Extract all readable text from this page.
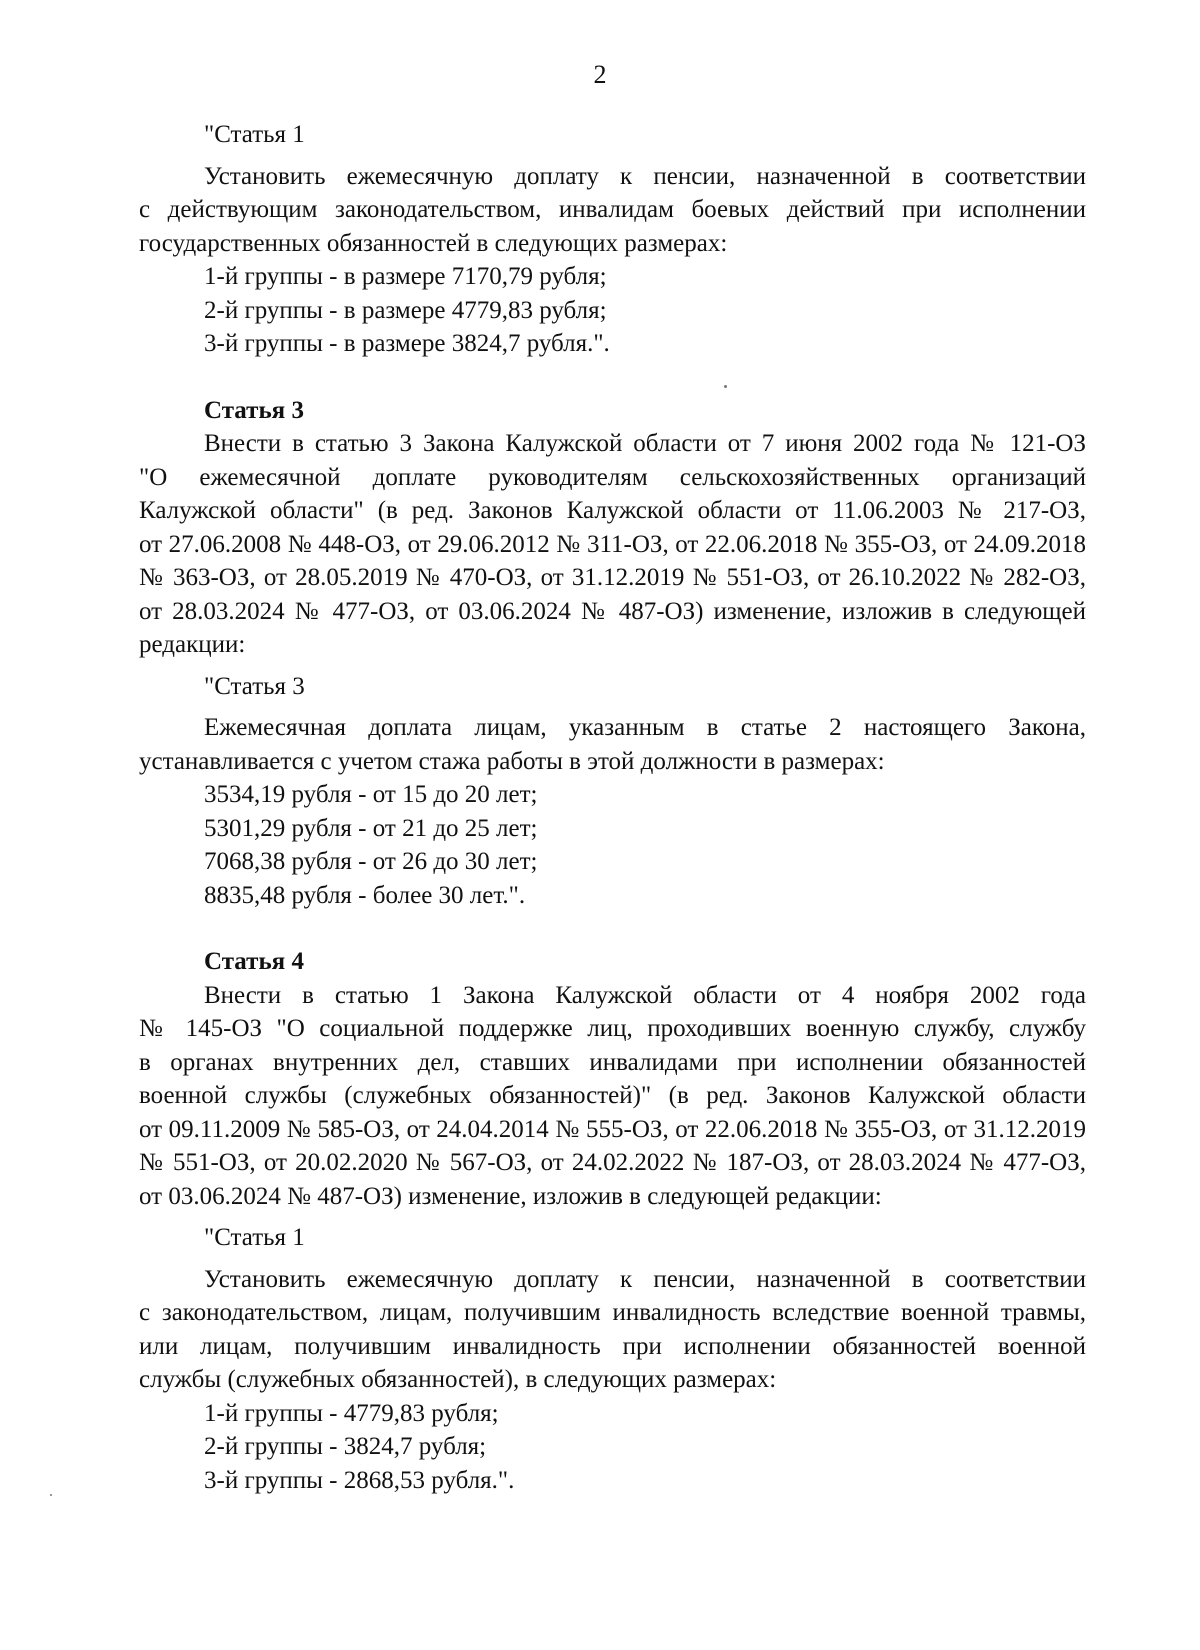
2
"Статья 1
Установить ежемесячную доплату к пенсии, назначенной в соответствии
с действующим законодательством, инвалидам боевых действий при исполнении
государственных обязанностей в следующих размерах:
1-й группы - в размере 7170,79 рубля;
2-й группы - в размере 4779,83 рубля;
3-й группы - в размере 3824,7 рубля.".
Статья 3
Внести в статью 3 Закона Калужской области от 7 июня 2002 года № 121-ОЗ
"О ежемесячной доплате руководителям сельскохозяйственных организаций
Калужской области" (в ред. Законов Калужской области от 11.06.2003 № 217-ОЗ,
от 27.06.2008 № 448-ОЗ, от 29.06.2012 № 311-ОЗ, от 22.06.2018 № 355-ОЗ, от 24.09.2018
№ 363-ОЗ, от 28.05.2019 № 470-ОЗ, от 31.12.2019 № 551-ОЗ, от 26.10.2022 № 282-ОЗ,
от 28.03.2024 № 477-ОЗ, от 03.06.2024 № 487-ОЗ) изменение, изложив в следующей
редакции:
"Статья 3
Ежемесячная доплата лицам, указанным в статье 2 настоящего Закона,
устанавливается с учетом стажа работы в этой должности в размерах:
3534,19 рубля - от 15 до 20 лет;
5301,29 рубля - от 21 до 25 лет;
7068,38 рубля - от 26 до 30 лет;
8835,48 рубля - более 30 лет.".
Статья 4
Внести в статью 1 Закона Калужской области от 4 ноября 2002 года
№ 145-ОЗ "О социальной поддержке лиц, проходивших военную службу, службу
в органах внутренних дел, ставших инвалидами при исполнении обязанностей
военной службы (служебных обязанностей)" (в ред. Законов Калужской области
от 09.11.2009 № 585-ОЗ, от 24.04.2014 № 555-ОЗ, от 22.06.2018 № 355-ОЗ, от 31.12.2019
№ 551-ОЗ, от 20.02.2020 № 567-ОЗ, от 24.02.2022 № 187-ОЗ, от 28.03.2024 № 477-ОЗ,
от 03.06.2024 № 487-ОЗ) изменение, изложив в следующей редакции:
"Статья 1
Установить ежемесячную доплату к пенсии, назначенной в соответствии
с законодательством, лицам, получившим инвалидность вследствие военной травмы,
или лицам, получившим инвалидность при исполнении обязанностей военной
службы (служебных обязанностей), в следующих размерах:
1-й группы - 4779,83 рубля;
2-й группы - 3824,7 рубля;
3-й группы - 2868,53 рубля.".
